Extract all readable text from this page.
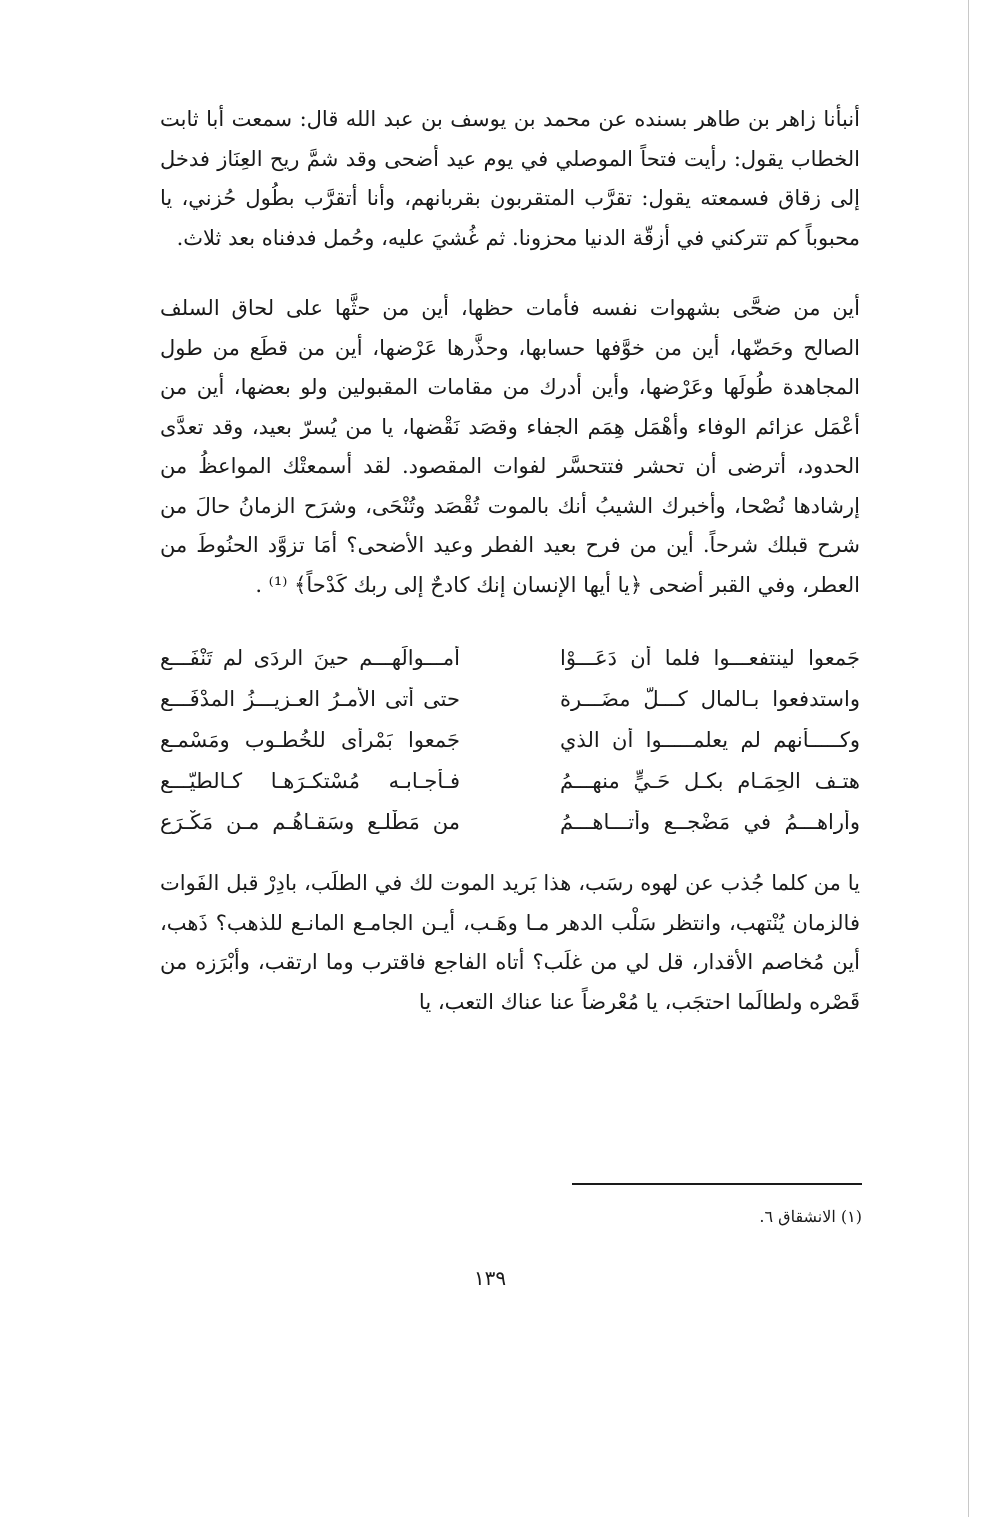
أنبأنا زاهر بن طاهر بسنده عن محمد بن يوسف بن عبد الله قال: سمعت أبا ثابت الخطاب يقول: رأيت فتحاً الموصلي في يوم عيد أضحى وقد شمَّ ريح العِنَاز فدخل إلى زقاق فسمعته يقول: تقرَّب المتقربون بقربانهم، وأنا أتقرَّب بطُول حُزني، يا محبوباً كم تتركني في أزقّة الدنيا محزونا. ثم غُشيَ عليه، وحُمل فدفناه بعد ثلاث.

أين من ضحَّى بشهوات نفسه فأمات حظها، أين من حثَّها على لحاق السلف الصالح وحَضّها، أين من خوَّفها حسابها، وحذَّرها عَرْضها، أين من قطَع من طول المجاهدة طُولَها وعَرْضها، وأين أدرك من مقامات المقبولين ولو بعضها، أين من أعْمَل عزائم الوفاء وأهْمَل هِمَم الجفاء وقصَد نَقْضها، يا من يُسرّ بعيد، وقد تعدَّى الحدود، أترضى أن تحشر فتتحسَّر لفوات المقصود. لقد أسمعتْك المواعظُ من إرشادها نُصْحا، وأخبرك الشيبُ أنك بالموت تُقْصَد وتُنْحَى، وشرَح الزمانُ حالَ من شرح قبلك شرحاً. أين من فرح بعيد الفطر وعيد الأضحى؟ أمَا تزوَّد الحنُوطَ من العطر، وفي القبر أضحى ﴿يا أيها الإنسان إنك كادحٌ إلى ربك كَدْحاً﴾ ⁽¹⁾ .

جَمعوا لينتفعـــوا فلما أن دَعَـــوْا
أمـــوالَهـــم حينَ الردَى لم تَنْفَـــع
واستدفعوا بـالمال كـــلَّ مضَـــرة
حتى أتى الأمـرُ العـزيـــزُ المدْفَـــع
وكـــــأنهم لم يعلمـــــوا أن الذي
جَمعوا بَمْرأى للخُطـوب ومَسْمـع
هتـف الحِمَـام بكـل حَـيٍّ منهـــمُ
فـأجـابـه مُسْتكـرَهـا كـالطيّـــع
وأراهـــمُ في مَضْجــع وأتـــاهـــمُ
من مَطْلـع وسَقـاهُـم مـن مَكْـرَع

يا من كلما جُذب عن لهوه رسَب، هذا بَريد الموت لك في الطلَب، بادِرْ قبل الفَوات فالزمان يُنْتهب، وانتظر سَلْب الدهر مـا وهَـب، أيـن الجامـع المانـع للذهب؟ ذَهب، أين مُخاصم الأقدار، قل لي من غلَب؟ أتاه الفاجع فاقترب وما ارتقب، وأبْرَزه من قَصْره ولطالَما احتجَب، يا مُعْرضاً عنا عناك التعب، يا

(١) الانشقاق ٦.
١٣٩
